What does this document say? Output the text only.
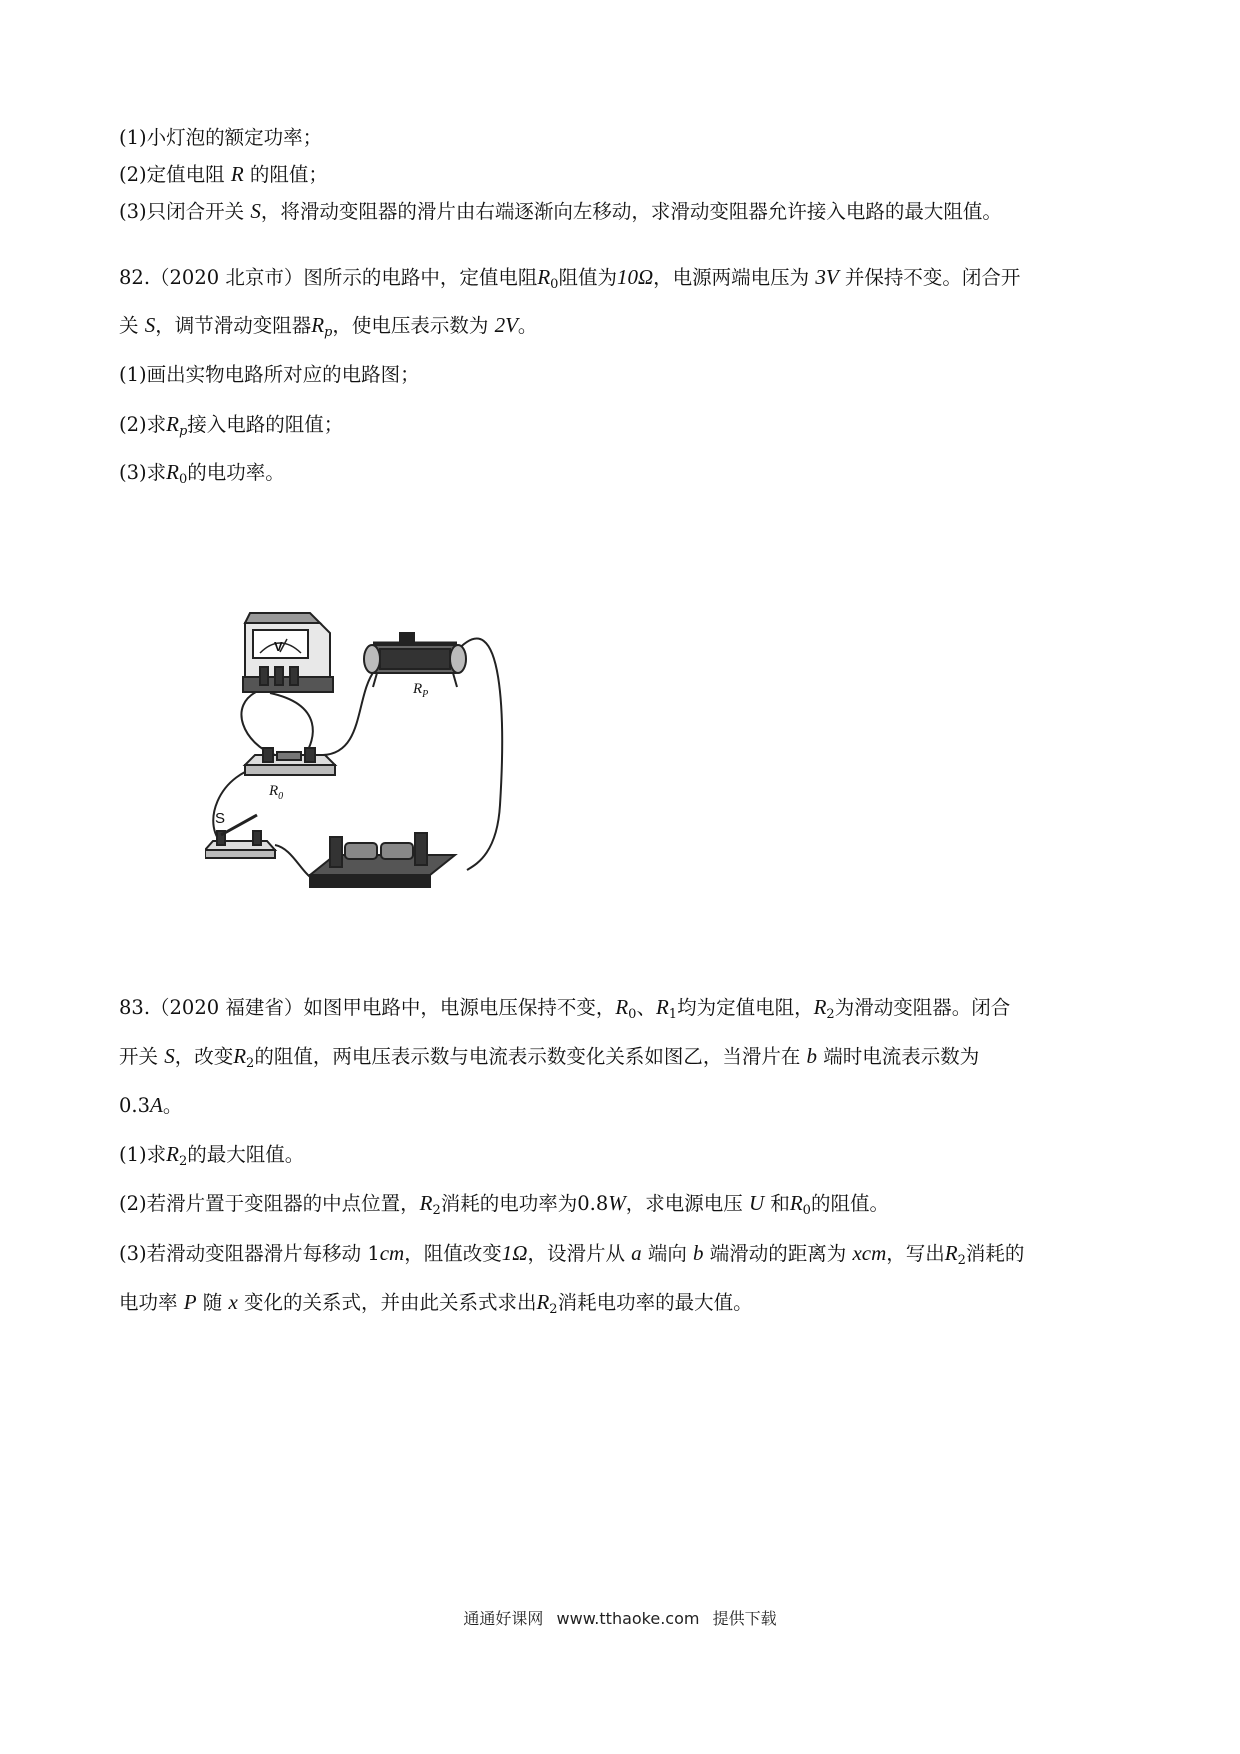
(1)小灯泡的额定功率；
(2)定值电阻 R 的阻值；
(3)只闭合开关 S，将滑动变阻器的滑片由右端逐渐向左移动，求滑动变阻器允许接入电路的最大阻值。
82.（2020 北京市）图所示的电路中，定值电阻$R_0$阻值为10Ω，电源两端电压为 3V 并保持不变。闭合开
关 S，调节滑动变阻器$R_p$，使电压表示数为 2V。
(1)画出实物电路所对应的电路图；
(2)求$R_p$接入电路的阻值；
(3)求$R_0$的电功率。
V
$R_P$
$R_0$
S
83.（2020 福建省）如图甲电路中，电源电压保持不变，$R_0$、$R_1$均为定值电阻，$R_2$为滑动变阻器。闭合
开关 S，改变$R_2$的阻值，两电压表示数与电流表示数变化关系如图乙，当滑片在 b 端时电流表示数为
0.3A。
(1)求$R_2$的最大阻值。
(2)若滑片置于变阻器的中点位置，$R_2$消耗的电功率为0.8W，求电源电压 U 和$R_0$的阻值。
(3)若滑动变阻器滑片每移动 1cm，阻值改变1Ω，设滑片从 a 端向 b 端滑动的距离为 xcm，写出$R_2$消耗的
电功率 P 随 x 变化的关系式，并由此关系式求出$R_2$消耗电功率的最大值。
通通好课网 www.tthaoke.com 提供下载
